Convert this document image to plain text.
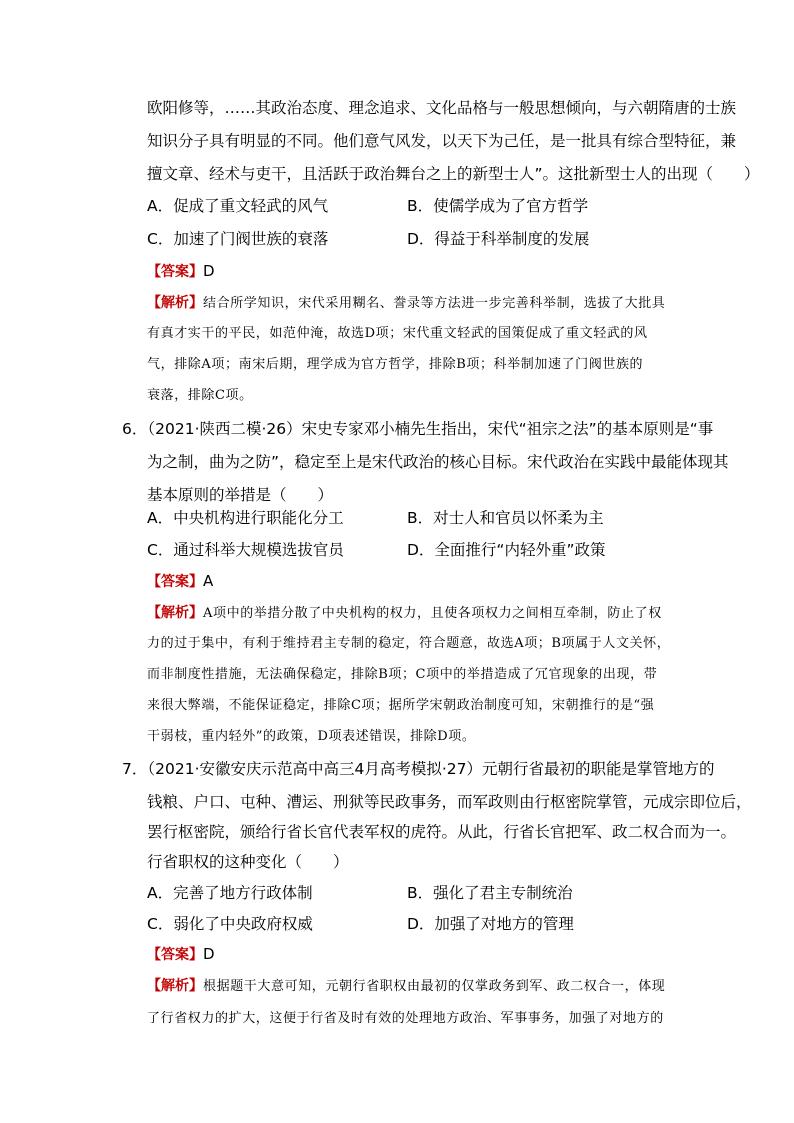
欧阳修等，……其政治态度、理念追求、文化品格与一般思想倾向，与六朝隋唐的士族
知识分子具有明显的不同。他们意气风发，以天下为己任，是一批具有综合型特征，兼
擅文章、经术与吏干，且活跃于政治舞台之上的新型士人”。这批新型士人的出现（　　）
A．促成了重文轻武的风气	B．使儒学成为了官方哲学
C．加速了门阀世族的衰落	D．得益于科举制度的发展
【答案】D
【解析】结合所学知识，宋代采用糊名、誊录等方法进一步完善科举制，选拔了大批具
有真才实干的平民，如范仲淹，故选D项；宋代重文轻武的国策促成了重文轻武的风
气，排除A项；南宋后期，理学成为官方哲学，排除B项；科举制加速了门阀世族的
衰落，排除C项。
6．（2021·陕西二模·26）宋史专家邓小楠先生指出，宋代“祖宗之法”的基本原则是“事
为之制，曲为之防”，稳定至上是宋代政治的核心目标。宋代政治在实践中最能体现其
基本原则的举措是（　　）
A．中央机构进行职能化分工	B．对士人和官员以怀柔为主
C．通过科举大规模选拔官员	D．全面推行“内轻外重”政策
【答案】A
【解析】A项中的举措分散了中央机构的权力，且使各项权力之间相互牵制，防止了权
力的过于集中，有利于维持君主专制的稳定，符合题意，故选A项；B项属于人文关怀，
而非制度性措施，无法确保稳定，排除B项；C项中的举措造成了冗官现象的出现，带
来很大弊端，不能保证稳定，排除C项；据所学宋朝政治制度可知，宋朝推行的是“强
干弱枝，重内轻外”的政策，D项表述错误，排除D项。
7．（2021·安徽安庆示范高中高三4月高考模拟·27）元朝行省最初的职能是掌管地方的
钱粮、户口、屯种、漕运、刑狱等民政事务，而军政则由行枢密院掌管，元成宗即位后，
罢行枢密院，颁给行省长官代表军权的虎符。从此，行省长官把军、政二权合而为一。
行省职权的这种变化（　　）
A．完善了地方行政体制	B．强化了君主专制统治
C．弱化了中央政府权威	D．加强了对地方的管理
【答案】D
【解析】根据题干大意可知，元朝行省职权由最初的仅掌政务到军、政二权合一，体现
了行省权力的扩大，这便于行省及时有效的处理地方政治、军事事务，加强了对地方的
